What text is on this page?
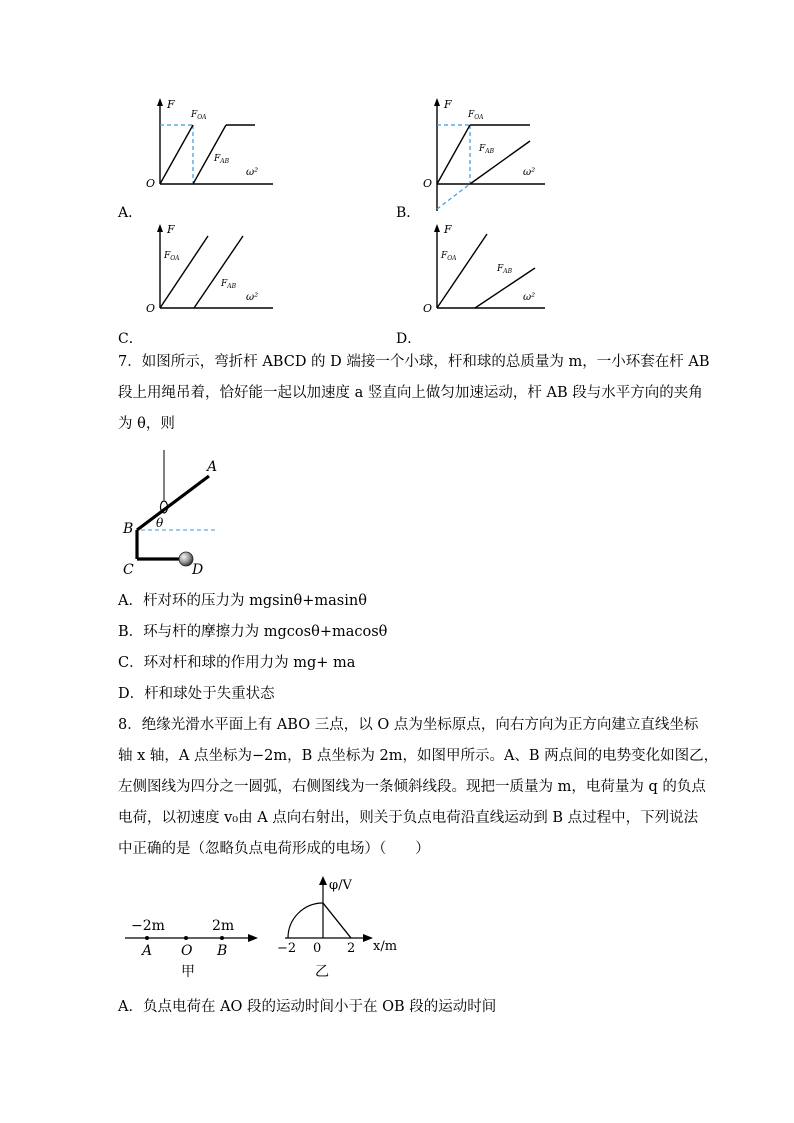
F
O
ω²
$F_{OA}$
$F_{AB}$
A．
F
O
ω²
$F_{OA}$
$F_{AB}$
B．
F
O
ω²
$F_{OA}$
$F_{AB}$
C．
F
O
ω²
$F_{OA}$
$F_{AB}$
D．
7．如图所示，弯折杆 ABCD 的 D 端接一个小球，杆和球的总质量为 m，一小环套在杆 AB
段上用绳吊着，恰好能一起以加速度 a 竖直向上做匀加速运动，杆 AB 段与水平方向的夹角
为 θ，则
A
B
C	D
θ
A．杆对环的压力为 mgsinθ+masinθ
B．环与杆的摩擦力为 mgcosθ+macosθ
C．环对杆和球的作用力为 mg+ ma
D．杆和球处于失重状态
8．绝缘光滑水平面上有 ABO 三点，以 O 点为坐标原点，向右方向为正方向建立直线坐标
轴 x 轴，A 点坐标为−2m，B 点坐标为 2m，如图甲所示。A、B 两点间的电势变化如图乙，
左侧图线为四分之一圆弧，右侧图线为一条倾斜线段。现把一质量为 m，电荷量为 q 的负点
电荷，以初速度 v₀由 A 点向右射出，则关于负点电荷沿直线运动到 B 点过程中，下列说法
中正确的是（忽略负点电荷形成的电场）（　　）
−2m	2m
A O B
甲
φ/V
x/m
−2 0 2
乙
A．负点电荷在 AO 段的运动时间小于在 OB 段的运动时间
